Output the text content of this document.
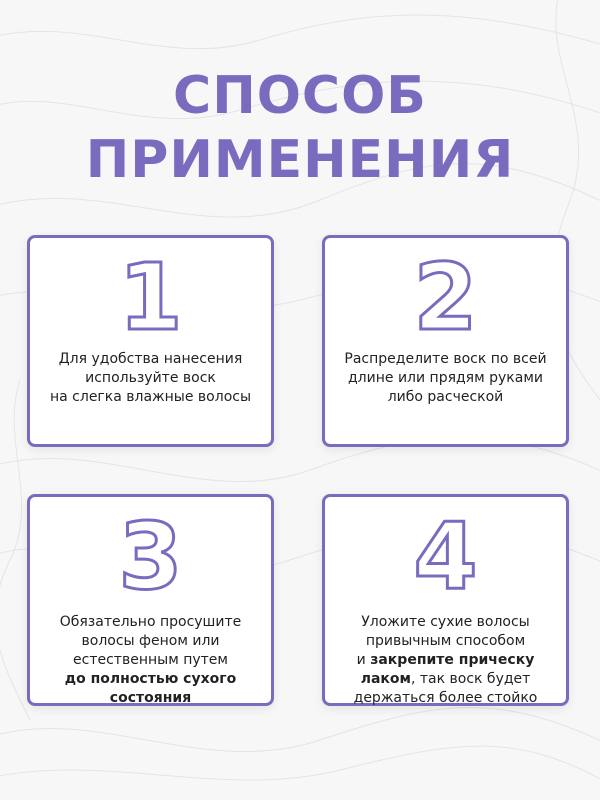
СПОСОБ
ПРИМЕНЕНИЯ
1
Для удобства нанесения
используйте воск
на слегка влажные волосы
2
Распределите воск по всей
длине или прядям руками
либо расческой
3
Обязательно просушите
волосы феном или
естественным путем
до полностью сухого
состояния
4
Уложите сухие волосы
привычным способом
и закрепите прическу
лаком, так воск будет
держаться более стойко
